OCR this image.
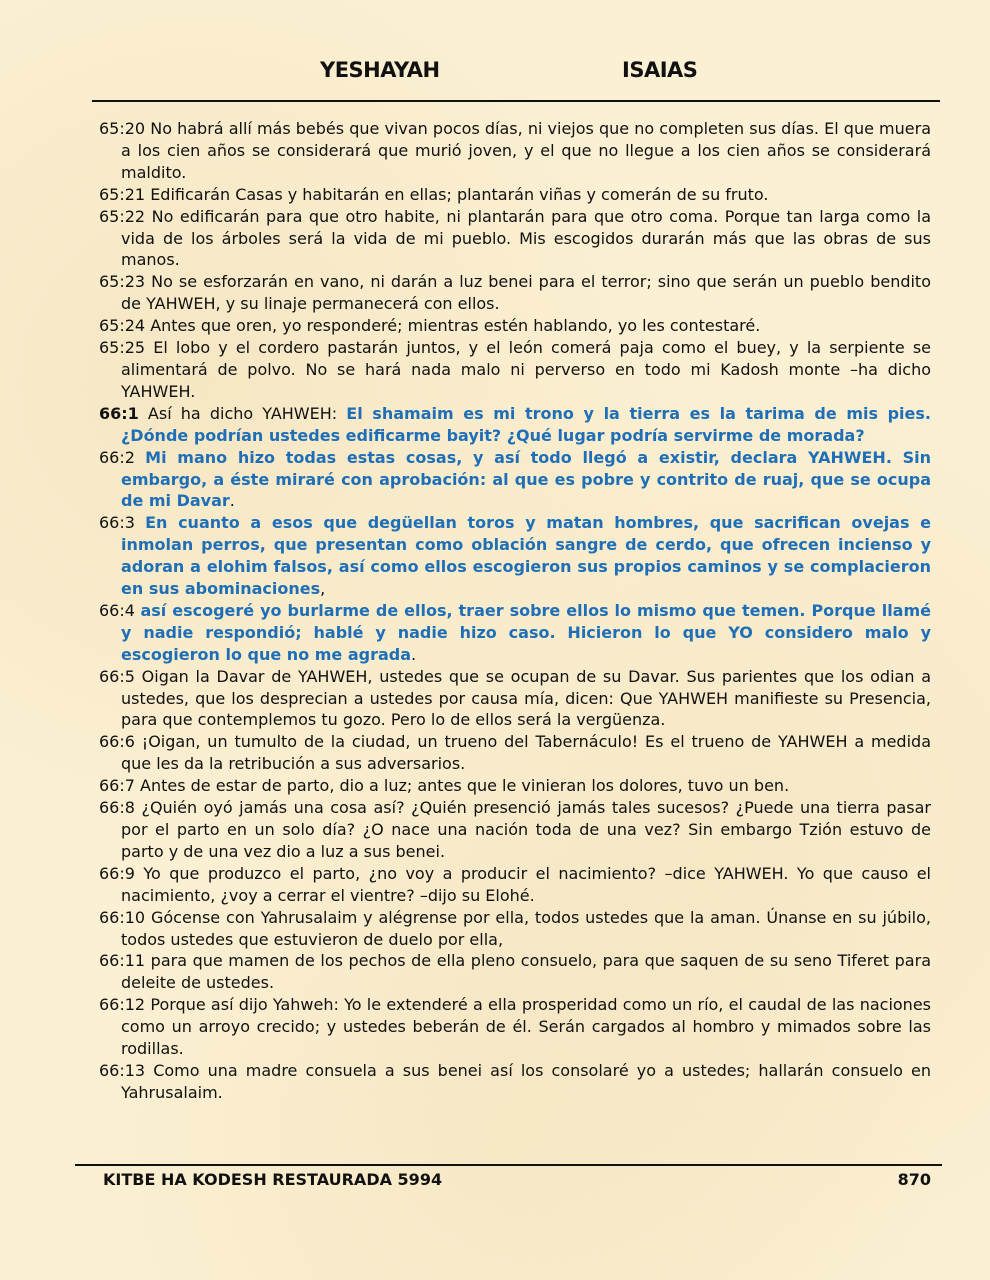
YESHAYAH	ISAIAS

65:20 No habrá allí más bebés que vivan pocos días, ni viejos que no completen sus días. El que muera a los cien años se considerará que murió joven, y el que no llegue a los cien años se considerará maldito.

65:21 Edificarán Casas y habitarán en ellas; plantarán viñas y comerán de su fruto.

65:22 No edificarán para que otro habite, ni plantarán para que otro coma. Porque tan larga como la vida de los árboles será la vida de mi pueblo. Mis escogidos durarán más que las obras de sus manos.

65:23 No se esforzarán en vano, ni darán a luz benei para el terror; sino que serán un pueblo bendito de YAHWEH, y su linaje permanecerá con ellos.

65:24 Antes que oren, yo responderé; mientras estén hablando, yo les contestaré.

65:25 El lobo y el cordero pastarán juntos, y el león comerá paja como el buey, y la serpiente se alimentará de polvo. No se hará nada malo ni perverso en todo mi Kadosh monte –ha dicho YAHWEH.

66:1 Así ha dicho YAHWEH: El shamaim es mi trono y la tierra es la tarima de mis pies. ¿Dónde podrían ustedes edificarme bayit? ¿Qué lugar podría servirme de morada?

66:2 Mi mano hizo todas estas cosas, y así todo llegó a existir, declara YAHWEH. Sin embargo, a éste miraré con aprobación: al que es pobre y contrito de ruaj, que se ocupa de mi Davar.

66:3 En cuanto a esos que degüellan toros y matan hombres, que sacrifican ovejas e inmolan perros, que presentan como oblación sangre de cerdo, que ofrecen incienso y adoran a elohim falsos, así como ellos escogieron sus propios caminos y se complacieron en sus abominaciones,

66:4 así escogeré yo burlarme de ellos, traer sobre ellos lo mismo que temen. Porque llamé y nadie respondió; hablé y nadie hizo caso. Hicieron lo que YO considero malo y escogieron lo que no me agrada.

66:5 Oigan la Davar de YAHWEH, ustedes que se ocupan de su Davar. Sus parientes que los odian a ustedes, que los desprecian a ustedes por causa mía, dicen: Que YAHWEH manifieste su Presencia, para que contemplemos tu gozo. Pero lo de ellos será la vergüenza.

66:6 ¡Oigan, un tumulto de la ciudad, un trueno del Tabernáculo! Es el trueno de YAHWEH a medida que les da la retribución a sus adversarios.

66:7 Antes de estar de parto, dio a luz; antes que le vinieran los dolores, tuvo un ben.

66:8 ¿Quién oyó jamás una cosa así? ¿Quién presenció jamás tales sucesos? ¿Puede una tierra pasar por el parto en un solo día? ¿O nace una nación toda de una vez? Sin embargo Tzión estuvo de parto y de una vez dio a luz a sus benei.

66:9 Yo que produzco el parto, ¿no voy a producir el nacimiento? –dice YAHWEH. Yo que causo el nacimiento, ¿voy a cerrar el vientre? –dijo su Elohé.

66:10 Gócense con Yahrusalaim y alégrense por ella, todos ustedes que la aman. Únanse en su júbilo, todos ustedes que estuvieron de duelo por ella,

66:11 para que mamen de los pechos de ella pleno consuelo, para que saquen de su seno Tiferet para deleite de ustedes.

66:12 Porque así dijo Yahweh: Yo le extenderé a ella prosperidad como un río, el caudal de las naciones como un arroyo crecido; y ustedes beberán de él. Serán cargados al hombro y mimados sobre las rodillas.

66:13 Como una madre consuela a sus benei así los consolaré yo a ustedes; hallarán consuelo en Yahrusalaim.

KITBE HA KODESH RESTAURADA 5994	870
